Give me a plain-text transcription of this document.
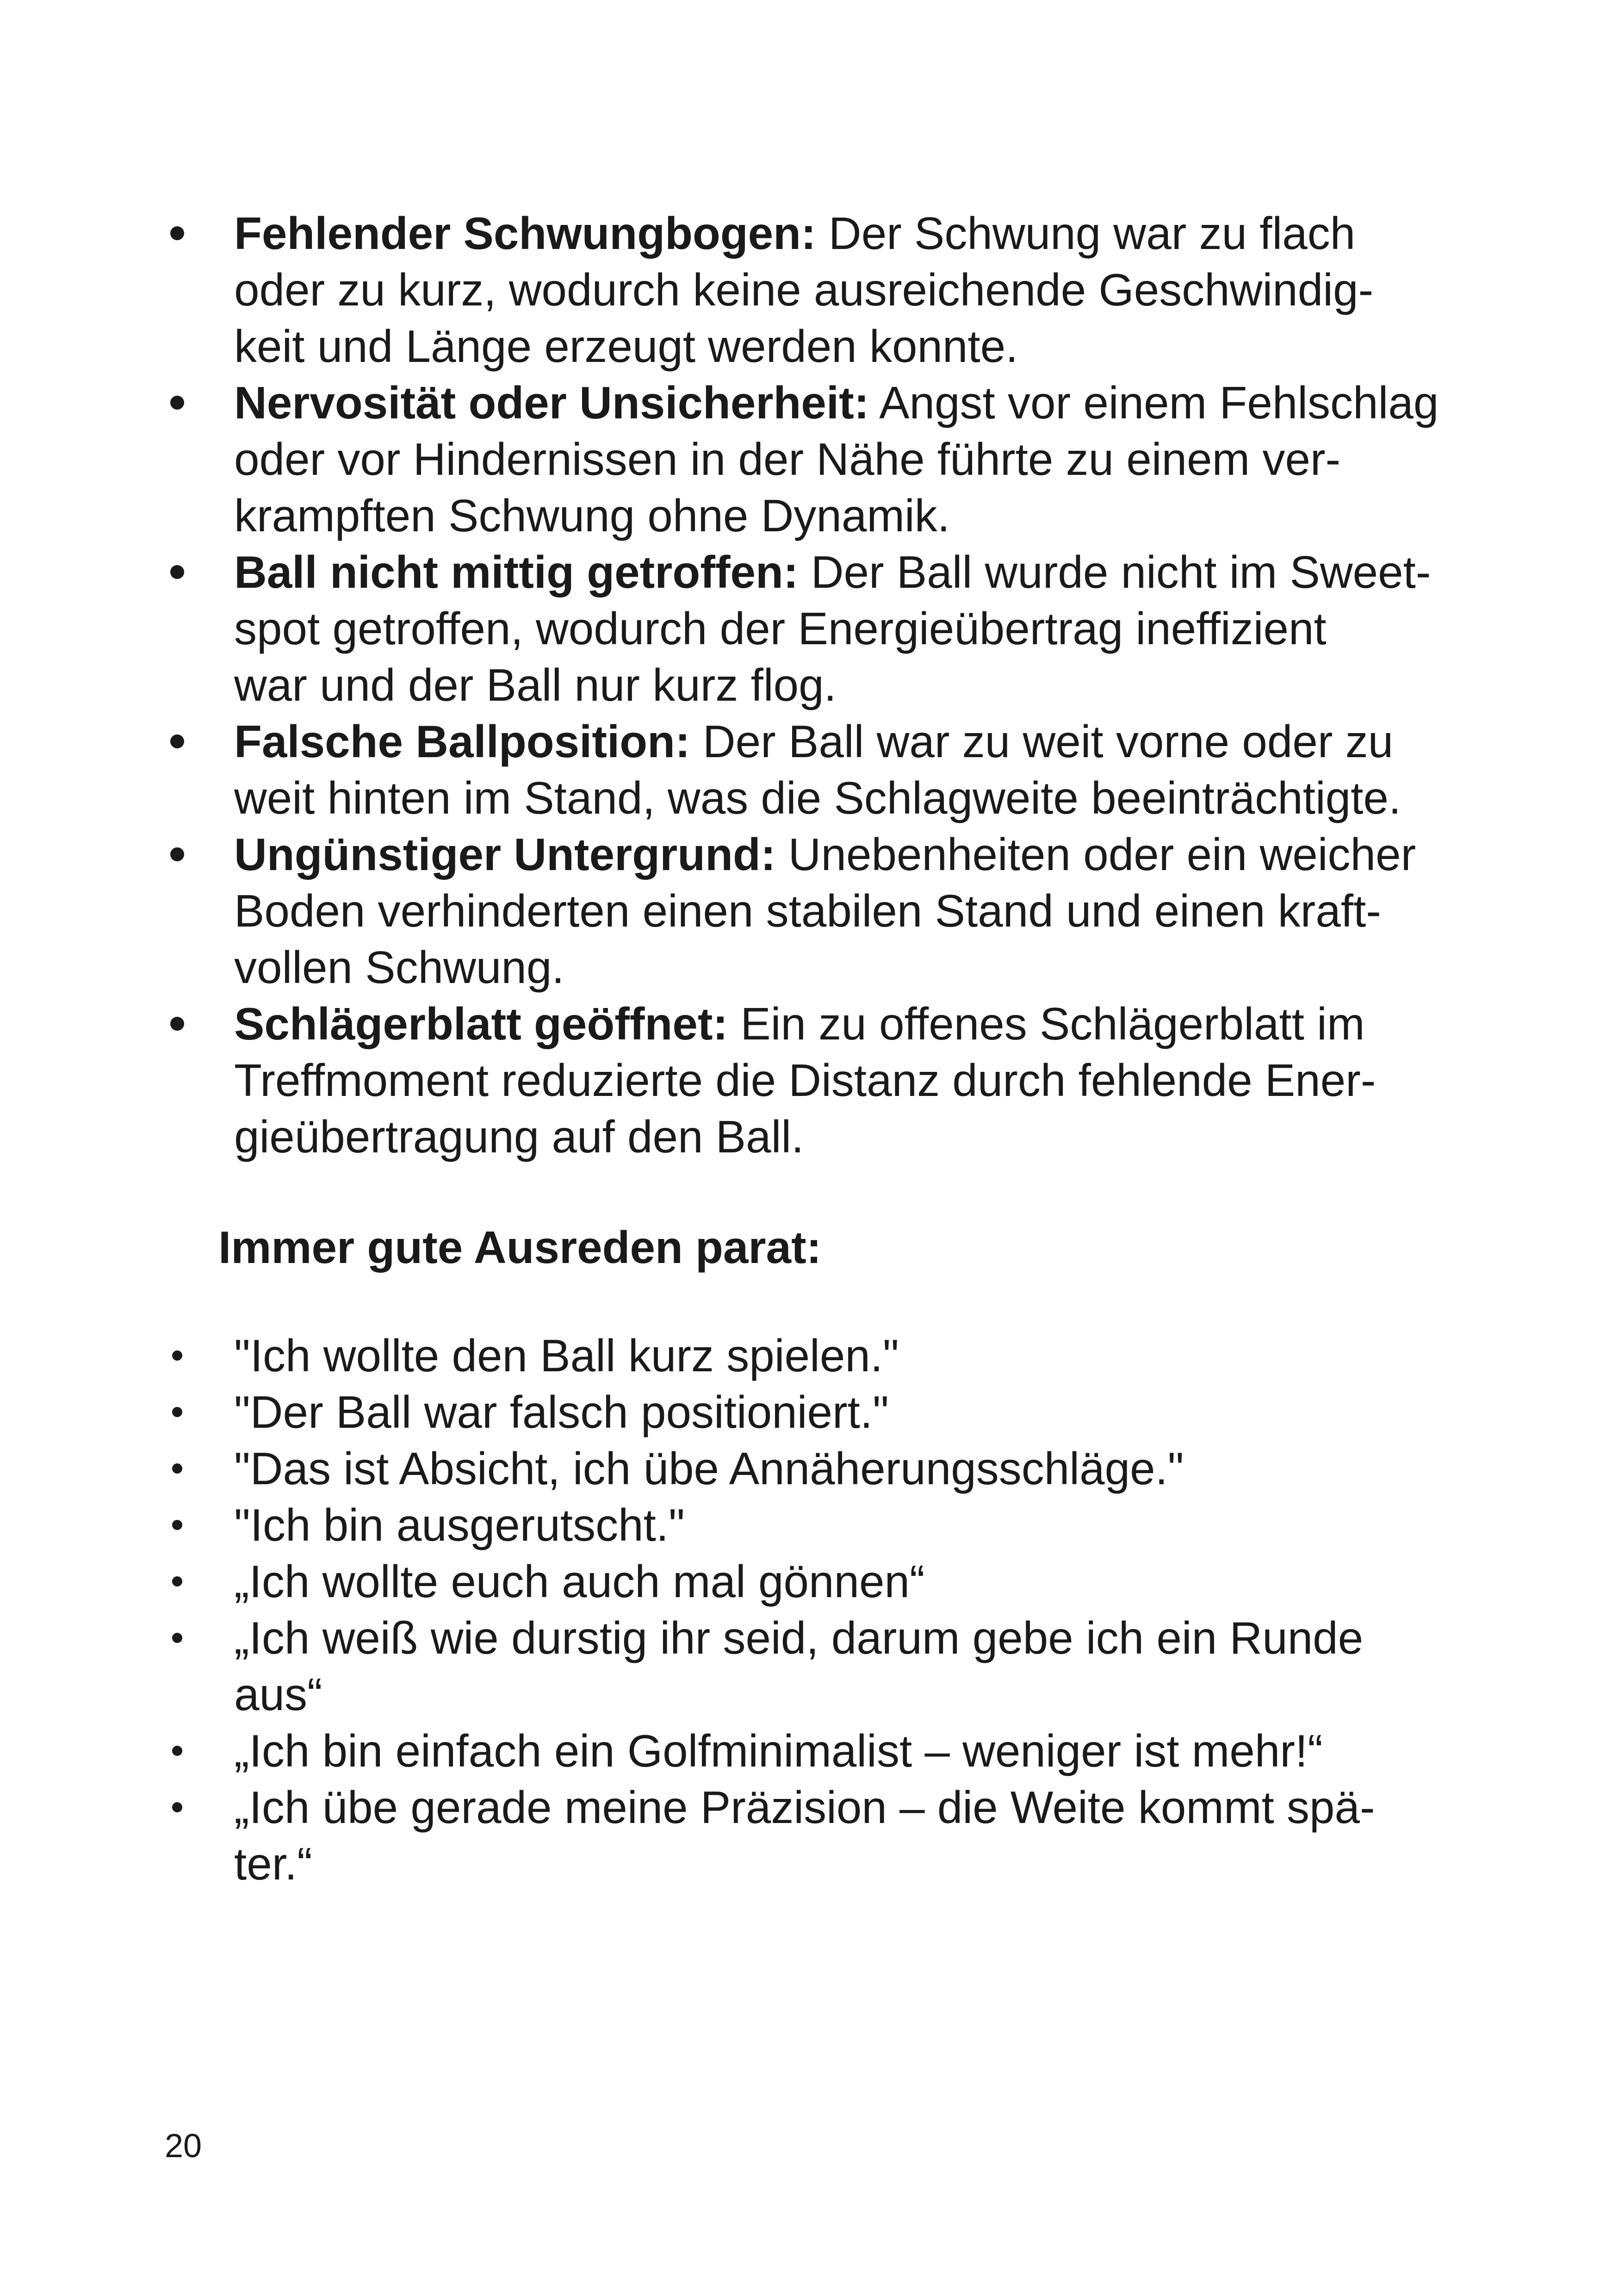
Fehlender Schwungbogen: Der Schwung war zu flach
oder zu kurz, wodurch keine ausreichende Geschwindig-
keit und Länge erzeugt werden konnte.
Nervosität oder Unsicherheit: Angst vor einem Fehlschlag
oder vor Hindernissen in der Nähe führte zu einem ver-
krampften Schwung ohne Dynamik.
Ball nicht mittig getroffen: Der Ball wurde nicht im Sweet-
spot getroffen, wodurch der Energieübertrag ineffizient
war und der Ball nur kurz flog.
Falsche Ballposition: Der Ball war zu weit vorne oder zu
weit hinten im Stand, was die Schlagweite beeinträchtigte.
Ungünstiger Untergrund: Unebenheiten oder ein weicher
Boden verhinderten einen stabilen Stand und einen kraft-
vollen Schwung.
Schlägerblatt geöffnet: Ein zu offenes Schlägerblatt im
Treffmoment reduzierte die Distanz durch fehlende Ener-
gieübertragung auf den Ball.
Immer gute Ausreden parat:
"Ich wollte den Ball kurz spielen."
"Der Ball war falsch positioniert."
"Das ist Absicht, ich übe Annäherungsschläge."
"Ich bin ausgerutscht."
„Ich wollte euch auch mal gönnen“
„Ich weiß wie durstig ihr seid, darum gebe ich ein Runde
aus“
„Ich bin einfach ein Golfminimalist – weniger ist mehr!“
„Ich übe gerade meine Präzision – die Weite kommt spä-
ter.“
20
